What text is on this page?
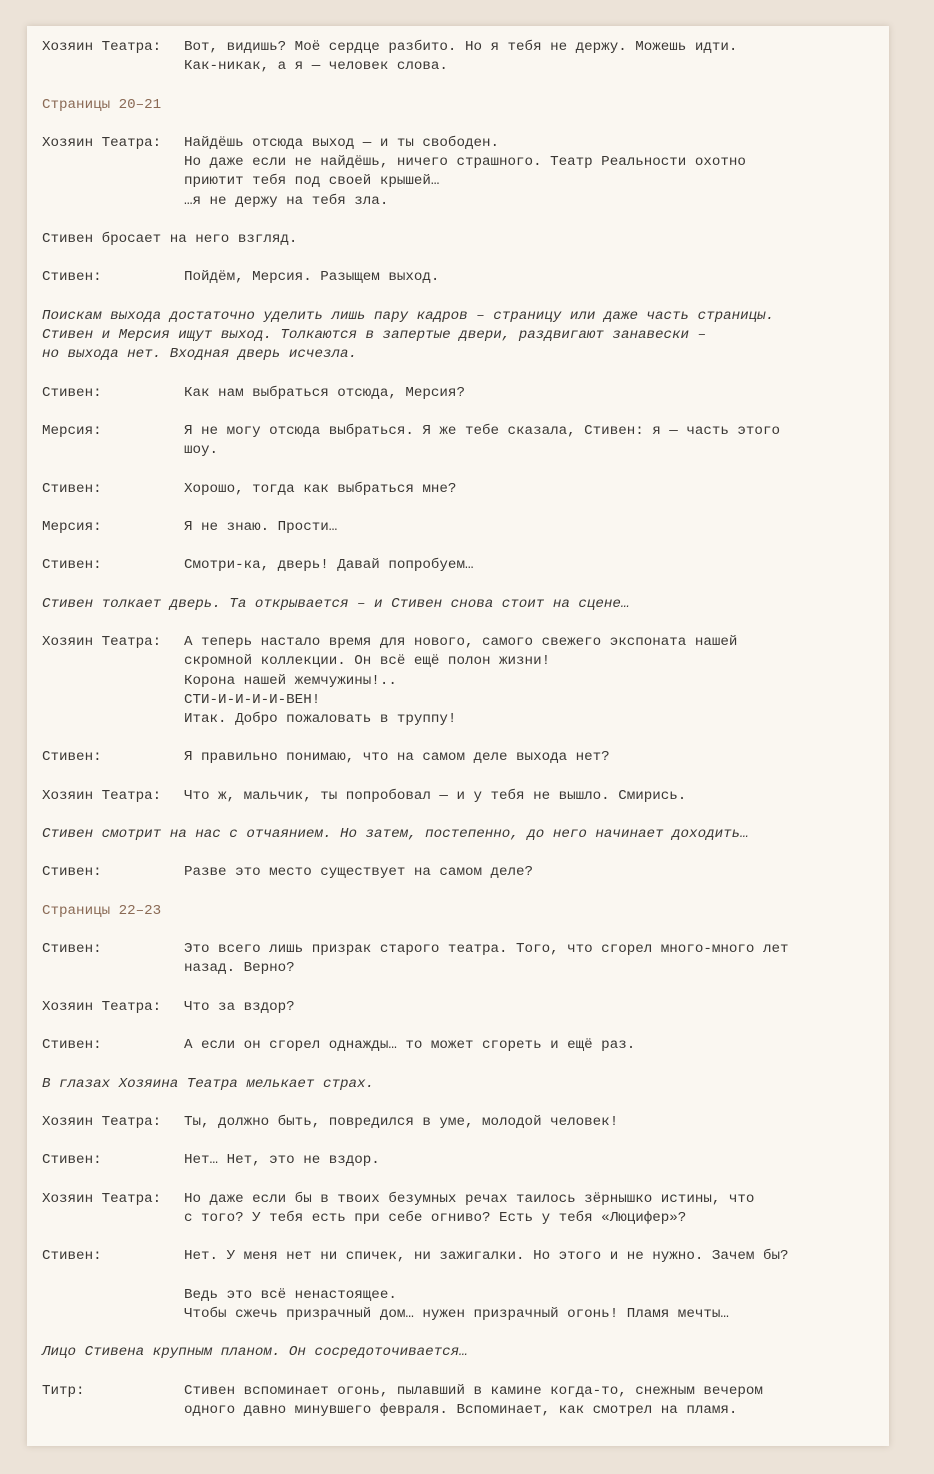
Хозяин Театра:	Вот, видишь? Моё сердце разбито. Но я тебя не держу. Можешь идти.
Как-никак, а я — человек слова.
Страницы 20–21
Хозяин Театра:	Найдёшь отсюда выход — и ты свободен.
Но даже если не найдёшь, ничего страшного. Театр Реальности охотно
приютит тебя под своей крышей…
…я не держу на тебя зла.
Стивен бросает на него взгляд.
Стивен:	Пойдём, Мерсия. Разыщем выход.
Поискам выхода достаточно уделить лишь пару кадров – страницу или даже часть страницы.
Стивен и Мерсия ищут выход. Толкаются в запертые двери, раздвигают занавески –
но выхода нет. Входная дверь исчезла.
Стивен:	Как нам выбраться отсюда, Мерсия?
Мерсия:	Я не могу отсюда выбраться. Я же тебе сказала, Стивен: я — часть этого
шоу.
Стивен:	Хорошо, тогда как выбраться мне?
Мерсия:	Я не знаю. Прости…
Стивен:	Смотри-ка, дверь! Давай попробуем…
Стивен толкает дверь. Та открывается – и Стивен снова стоит на сцене…
Хозяин Театра:	А теперь настало время для нового, самого свежего экспоната нашей
скромной коллекции. Он всё ещё полон жизни!
Корона нашей жемчужины!..
СТИ-И-И-И-И-ВЕН!
Итак. Добро пожаловать в труппу!
Стивен:	Я правильно понимаю, что на самом деле выхода нет?
Хозяин Театра:	Что ж, мальчик, ты попробовал — и у тебя не вышло. Смирись.
Стивен смотрит на нас с отчаянием. Но затем, постепенно, до него начинает доходить…
Стивен:	Разве это место существует на самом деле?
Страницы 22–23
Стивен:	Это всего лишь призрак старого театра. Того, что сгорел много-много лет
назад. Верно?
Хозяин Театра:	Что за вздор?
Стивен:	А если он сгорел однажды… то может сгореть и ещё раз.
В глазах Хозяина Театра мелькает страх.
Хозяин Театра:	Ты, должно быть, повредился в уме, молодой человек!
Стивен:	Нет… Нет, это не вздор.
Хозяин Театра:	Но даже если бы в твоих безумных речах таилось зёрнышко истины, что
с того? У тебя есть при себе огниво? Есть у тебя «Люцифер»?
Стивен:	Нет. У меня нет ни спичек, ни зажигалки. Но этого и не нужно. Зачем бы?
Ведь это всё ненастоящее.
Чтобы сжечь призрачный дом… нужен призрачный огонь! Пламя мечты…
Лицо Стивена крупным планом. Он сосредоточивается…
Титр:	Стивен вспоминает огонь, пылавший в камине когда-то, снежным вечером
одного давно минувшего февраля. Вспоминает, как смотрел на пламя.
